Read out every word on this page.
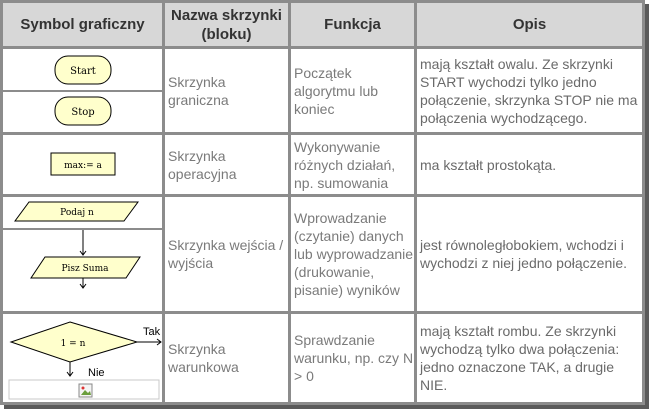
Symbol graficzny
Nazwa skrzynki (bloku)
Funkcja	Opis
Start
Stop
Skrzynka graniczna
Początek algorytmu lub koniec
mają kształt owalu. Ze skrzynki START wychodzi tylko jedno połączenie, skrzynka STOP nie ma połączenia wychodzącego.
max:= a
Skrzynka operacyjna
Wykonywanie różnych działań, np. sumowania
ma kształt prostokąta.
Podaj n
Pisz Suma
Skrzynka wejścia / wyjścia
Wprowadzanie (czytanie) danych lub wyprowadzanie (drukowanie, pisanie) wyników
jest równoległobokiem, wchodzi i wychodzi z niej jedno połączenie.
1 = n
Tak
Nie
Skrzynka warunkowa
Sprawdzanie warunku, np. czy N > 0
mają kształt rombu. Ze skrzynki wychodzą tylko dwa połączenia: jedno oznaczone TAK, a drugie NIE.
